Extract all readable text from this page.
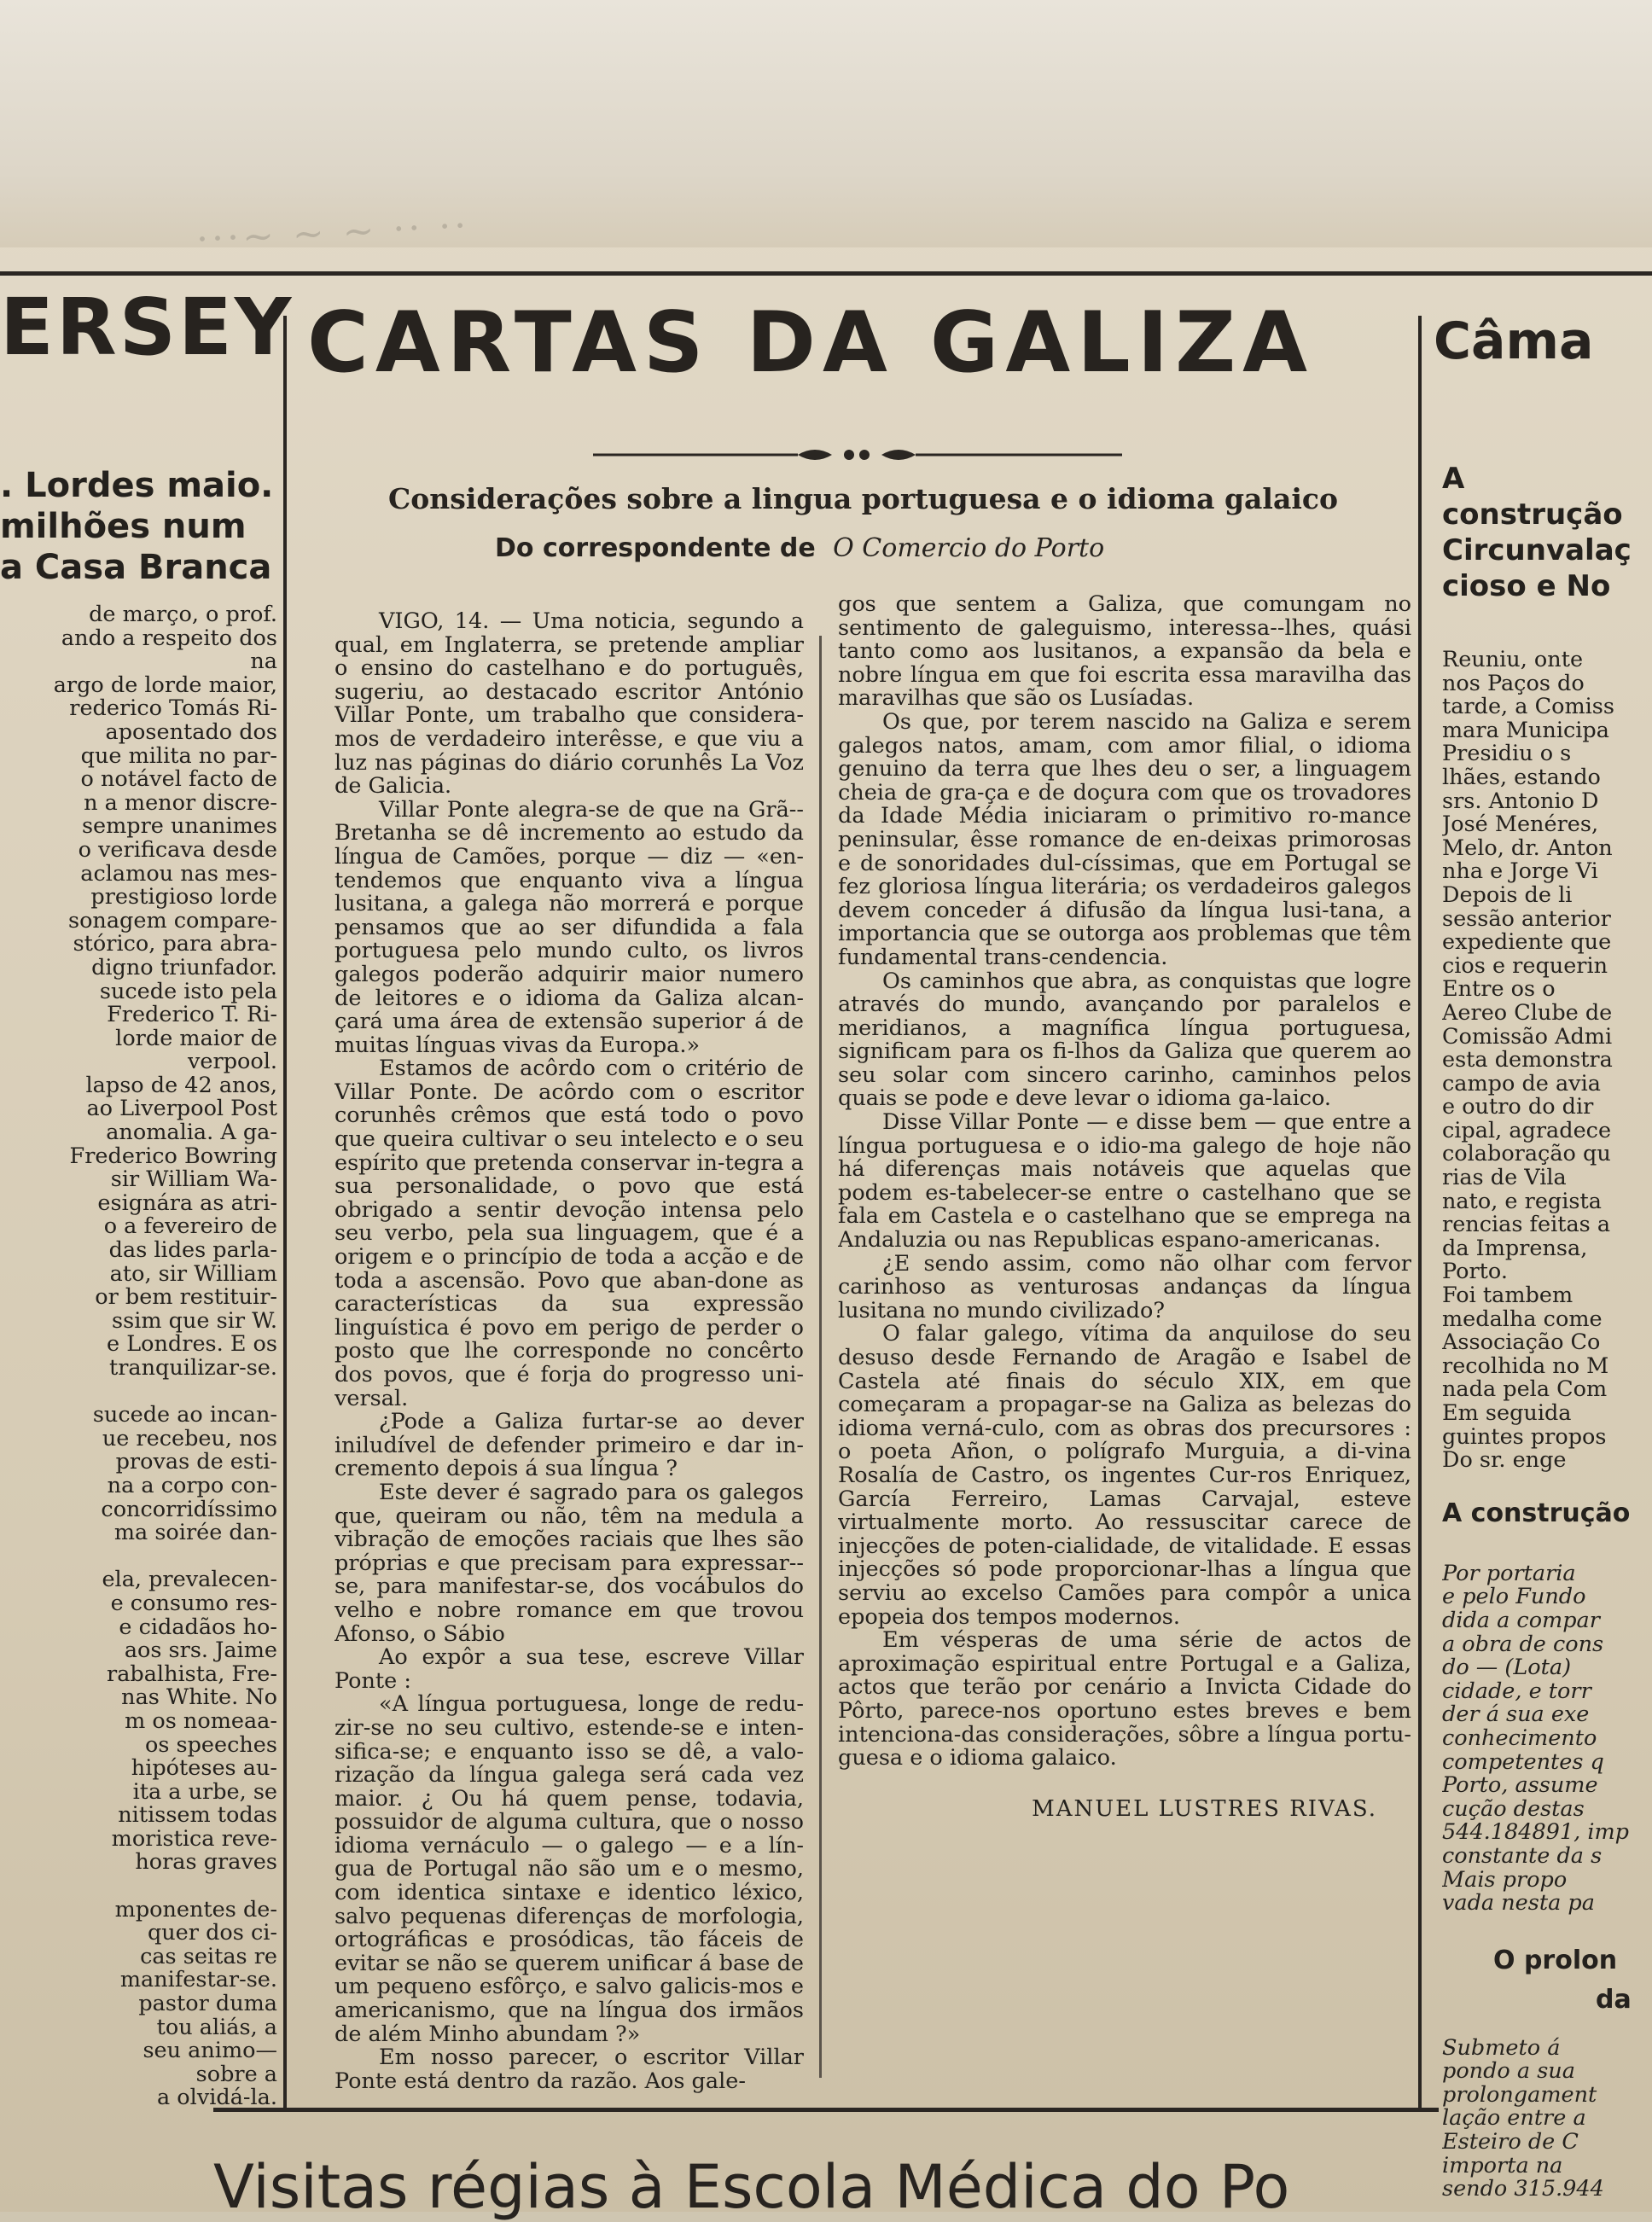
···~ ~ ~ ·· ··
ERSEY CARTAS DA GALIZA Câma
Considerações sobre a lingua portuguesa e o idioma galaico
Do correspondente de O Comercio do Porto
. Lordes maio.
milhões num
a Casa Branca

de março, o prof.

ando a respeito dos

na

argo de lorde maior,

rederico Tomás Ri-

aposentado dos

que milita no par-

o notável facto de

n a menor discre-

sempre unanimes

o verificava desde

aclamou nas mes-

prestigioso lorde

sonagem compare-

stórico, para abra-

digno triunfador.

sucede isto pela

Frederico T. Ri-

lorde maior de

verpool.

lapso de 42 anos,

ao Liverpool Post

anomalia. A ga-

Frederico Bowring

sir William Wa-

esignára as atri-

o a fevereiro de

das lides parla-

ato, sir William

or bem restituir-

ssim que sir W.

e Londres. E os

tranquilizar-se.

sucede ao incan-

ue recebeu, nos

provas de esti-

na a corpo con-

concorridíssimo

ma soirée dan-

ela, prevalecen-

e consumo res-

e cidadãos ho-

aos srs. Jaime

rabalhista, Fre-

nas White. No

m os nomeaa-

os speeches

hipóteses au-

ita a urbe, se

nitissem todas

moristica reve-

horas graves

mponentes de-

quer dos ci-

cas seitas re

manifestar-se.

pastor duma

tou aliás, a

seu animo—

sobre a

a olvidá-la.

VIGO, 14. — Uma noticia, segundo a qual, em Inglaterra, se pretende ampliar o ensino do castelhano e do português, sugeriu, ao destacado escritor António Villar Ponte, um trabalho que considera-mos de verdadeiro interêsse, e que viu a luz nas páginas do diário corunhês La Voz de Galicia.

Villar Ponte alegra-se de que na Grã--Bretanha se dê incremento ao estudo da língua de Camões, porque — diz — «en-tendemos que enquanto viva a língua lusitana, a galega não morrerá e porque pensamos que ao ser difundida a fala portuguesa pelo mundo culto, os livros galegos poderão adquirir maior numero de leitores e o idioma da Galiza alcan-çará uma área de extensão superior á de muitas línguas vivas da Europa.»

Estamos de acôrdo com o critério de Villar Ponte. De acôrdo com o escritor corunhês crêmos que está todo o povo que queira cultivar o seu intelecto e o seu espírito que pretenda conservar in-tegra a sua personalidade, o povo que está obrigado a sentir devoção intensa pelo seu verbo, pela sua linguagem, que é a origem e o princípio de toda a acção e de toda a ascensão. Povo que aban-done as características da sua expressão linguística é povo em perigo de perder o posto que lhe corresponde no concêrto dos povos, que é forja do progresso uni-versal.

¿Pode a Galiza furtar-se ao dever iniludível de defender primeiro e dar in-cremento depois á sua língua ?

Este dever é sagrado para os galegos que, queiram ou não, têm na medula a vibração de emoções raciais que lhes são próprias e que precisam para expressar--se, para manifestar-se, dos vocábulos do velho e nobre romance em que trovou Afonso, o Sábio

Ao expôr a sua tese, escreve Villar Ponte :

«A língua portuguesa, longe de redu-zir-se no seu cultivo, estende-se e inten-sifica-se; e enquanto isso se dê, a valo-rização da língua galega será cada vez maior. ¿ Ou há quem pense, todavia, possuidor de alguma cultura, que o nosso idioma vernáculo — o galego — e a lín-gua de Portugal não são um e o mesmo, com identica sintaxe e identico léxico, salvo pequenas diferenças de morfologia, ortográficas e prosódicas, tão fáceis de evitar se não se querem unificar á base de um pequeno esfôrço, e salvo galicis-mos e americanismo, que na língua dos irmãos de além Minho abundam ?»

Em nosso parecer, o escritor Villar Ponte está dentro da razão. Aos gale-

gos que sentem a Galiza, que comungam no sentimento de galeguismo, interessa--lhes, quási tanto como aos lusitanos, a expansão da bela e nobre língua em que foi escrita essa maravilha das maravilhas que são os Lusíadas.

Os que, por terem nascido na Galiza e serem galegos natos, amam, com amor filial, o idioma genuino da terra que lhes deu o ser, a linguagem cheia de gra-ça e de doçura com que os trovadores da Idade Média iniciaram o primitivo ro-mance peninsular, êsse romance de en-deixas primorosas e de sonoridades dul-císsimas, que em Portugal se fez gloriosa língua literária; os verdadeiros galegos devem conceder á difusão da língua lusi-tana, a importancia que se outorga aos problemas que têm fundamental trans-cendencia.

Os caminhos que abra, as conquistas que logre através do mundo, avançando por paralelos e meridianos, a magnífica língua portuguesa, significam para os fi-lhos da Galiza que querem ao seu solar com sincero carinho, caminhos pelos quais se pode e deve levar o idioma ga-laico.

Disse Villar Ponte — e disse bem — que entre a língua portuguesa e o idio-ma galego de hoje não há diferenças mais notáveis que aquelas que podem es-tabelecer-se entre o castelhano que se fala em Castela e o castelhano que se emprega na Andaluzia ou nas Republicas espano-americanas.

¿E sendo assim, como não olhar com fervor carinhoso as venturosas andanças da língua lusitana no mundo civilizado?

O falar galego, vítima da anquilose do seu desuso desde Fernando de Aragão e Isabel de Castela até finais do século XIX, em que começaram a propagar-se na Galiza as belezas do idioma verná-culo, com as obras dos precursores : o poeta Añon, o polígrafo Murguia, a di-vina Rosalía de Castro, os ingentes Cur-ros Enriquez, García Ferreiro, Lamas Carvajal, esteve virtualmente morto. Ao ressuscitar carece de injecções de poten-cialidade, de vitalidade. E essas injecções só pode proporcionar-lhas a língua que serviu ao excelso Camões para compôr a unica epopeia dos tempos modernos.

Em vésperas de uma série de actos de aproximação espiritual entre Portugal e a Galiza, actos que terão por cenário a Invicta Cidade do Pôrto, parece-nos oportuno estes breves e bem intenciona-das considerações, sôbre a língua portu-guesa e o idioma galaico.

MANUEL LUSTRES RIVAS.
A construção
Circunvalaç
cioso e No

Reuniu, onte

nos Paços do

tarde, a Comiss

mara Municipa

Presidiu o s

lhães, estando

srs. Antonio D

José Menéres,

Melo, dr. Anton

nha e Jorge Vi

Depois de li

sessão anterior

expediente que

cios e requerin

Entre os o

Aereo Clube de

Comissão Admi

esta demonstra

campo de avia

e outro do dir

cipal, agradece

colaboração qu

rias de Vila

nato, e regista

rencias feitas a

da Imprensa,

Porto.

Foi tambem

medalha come

Associação Co

recolhida no M

nada pela Com

Em seguida

guintes propos

Do sr. enge

A construção

Por portaria

e pelo Fundo

dida a compar

a obra de cons

do — (Lota)

cidade, e torr

der á sua exe

conhecimento

competentes q

Porto, assume

cução destas

544.184891, imp

constante da s

Mais propo

vada nesta pa

O prolon
da

Submeto á

pondo a sua

prolongament

lação entre a

Esteiro de C

importa na

sendo 315.944

Visitas régias à Escola Médica do Po
